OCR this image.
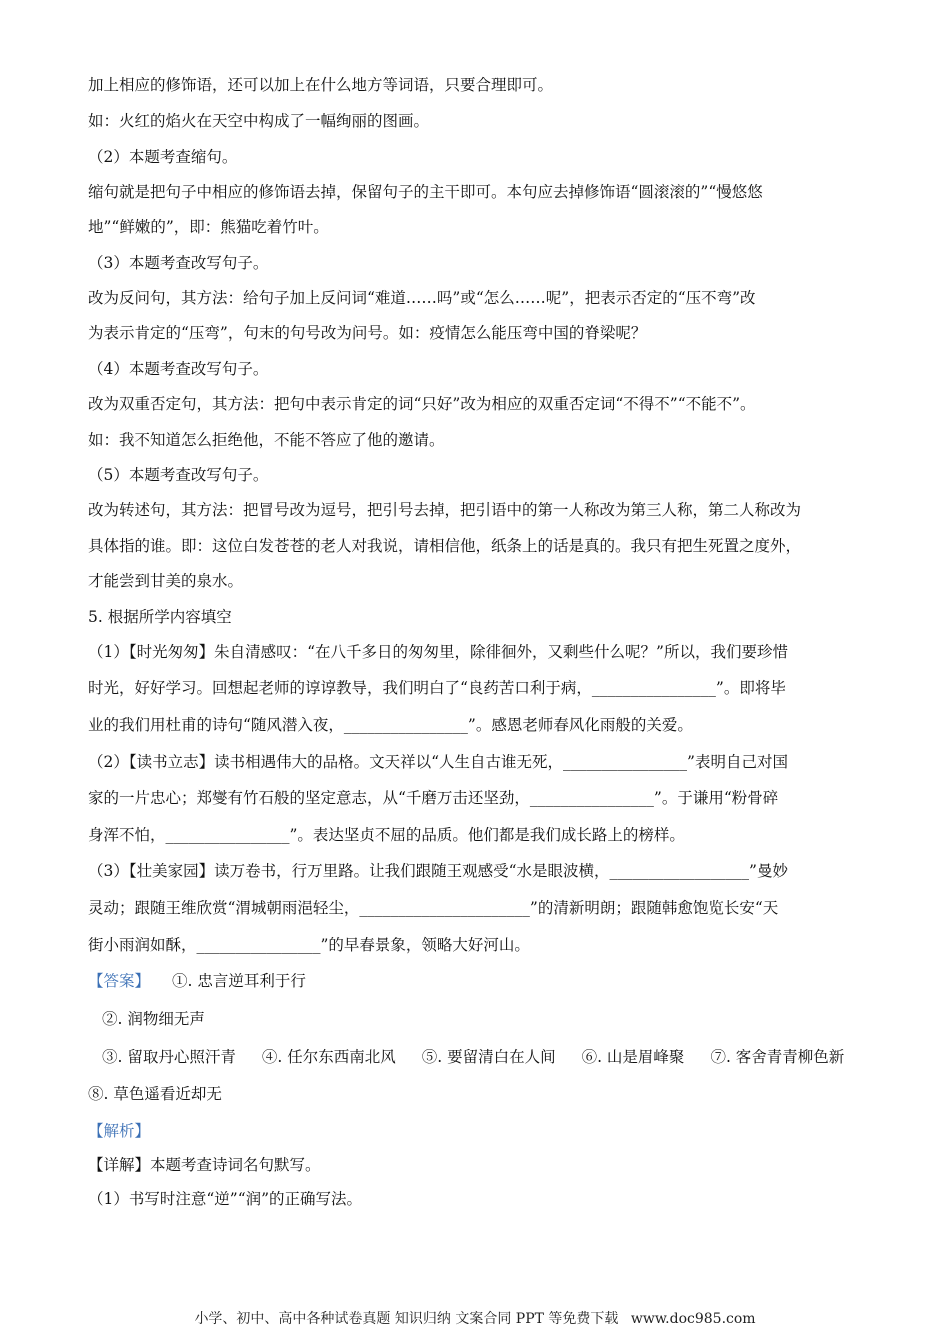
加上相应的修饰语，还可以加上在什么地方等词语，只要合理即可。
如：火红的焰火在天空中构成了一幅绚丽的图画。
（2）本题考查缩句。
缩句就是把句子中相应的修饰语去掉，保留句子的主干即可。本句应去掉修饰语“圆滚滚的”“慢悠悠
地”“鲜嫩的”，即：熊猫吃着竹叶。
（3）本题考查改写句子。
改为反问句，其方法：给句子加上反问词“难道……吗”或“怎么……呢”，把表示否定的“压不弯”改
为表示肯定的“压弯”，句末的句号改为问号。如：疫情怎么能压弯中国的脊梁呢？
（4）本题考查改写句子。
改为双重否定句，其方法：把句中表示肯定的词“只好”改为相应的双重否定词“不得不”“不能不”。
如：我不知道怎么拒绝他，不能不答应了他的邀请。
（5）本题考查改写句子。
改为转述句，其方法：把冒号改为逗号，把引号去掉，把引语中的第一人称改为第三人称，第二人称改为
具体指的谁。即：这位白发苍苍的老人对我说，请相信他，纸条上的话是真的。我只有把生死置之度外，
才能尝到甘美的泉水。
5. 根据所学内容填空
（1）【时光匆匆】朱自清感叹：“在八千多日的匆匆里，除徘徊外，又剩些什么呢？”所以，我们要珍惜
时光，好好学习。回想起老师的谆谆教导，我们明白了“良药苦口利于病，________________”。即将毕
业的我们用杜甫的诗句“随风潜入夜，________________”。感恩老师春风化雨般的关爱。
（2）【读书立志】读书相遇伟大的品格。文天祥以“人生自古谁无死，________________”表明自己对国
家的一片忠心；郑燮有竹石般的坚定意志，从“千磨万击还坚劲，________________”。于谦用“粉骨碎
身浑不怕，________________”。表达坚贞不屈的品质。他们都是我们成长路上的榜样。
（3）【壮美家园】读万卷书，行万里路。让我们跟随王观感受“水是眼波横，__________________”曼妙
灵动；跟随王维欣赏“渭城朝雨浥轻尘，______________________”的清新明朗；跟随韩愈饱览长安“天
街小雨润如酥，________________”的早春景象，领略大好河山。
【答案】 ①. 忠言逆耳利于行
②. 润物细无声
③. 留取丹心照汗青 ④. 任尔东西南北风 ⑤. 要留清白在人间 ⑥. 山是眉峰聚 ⑦. 客舍青青柳色新
⑧. 草色遥看近却无
【解析】
【详解】本题考查诗词名句默写。
（1）书写时注意“逆”“润”的正确写法。
小学、初中、高中各种试卷真题 知识归纳 文案合同 PPT 等免费下载 www.doc985.com
